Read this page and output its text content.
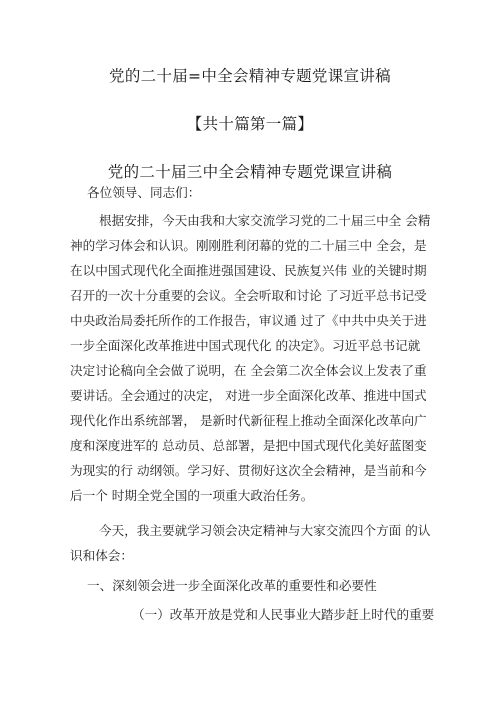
党的二十届=中全会精神专题党课宣讲稿
【共十篇第一篇】
党的二十届三中全会精神专题党课宣讲稿
各位领导、同志们：
根据安排，今天由我和大家交流学习党的二十届三中全 会精
神的学习体会和认识。刚刚胜利闭幕的党的二十届三中 全会，是
在以中国式现代化全面推进强国建设、民族复兴伟 业的关键时期
召开的一次十分重要的会议。全会听取和讨论 了习近平总书记受
中央政治局委托所作的工作报告，审议通 过了《中共中央关于进
一步全面深化改革推进中国式现代化 的决定》。习近平总书记就
决定讨论稿向全会做了说明，在 全会第二次全体会议上发表了重
要讲话。全会通过的决定， 对进一步全面深化改革、推进中国式
现代化作出系统部署， 是新时代新征程上推动全面深化改革向广
度和深度进军的 总动员、总部署，是把中国式现代化美好蓝图变
为现实的行 动纲领。学习好、贯彻好这次全会精神，是当前和今
后一个 时期全党全国的一项重大政治任务。
今天，我主要就学习领会决定精神与大家交流四个方面 的认
识和体会：
一、深刻领会进一步全面深化改革的重要性和必要性
（一）改革开放是党和人民事业大踏步赶上时代的重要
